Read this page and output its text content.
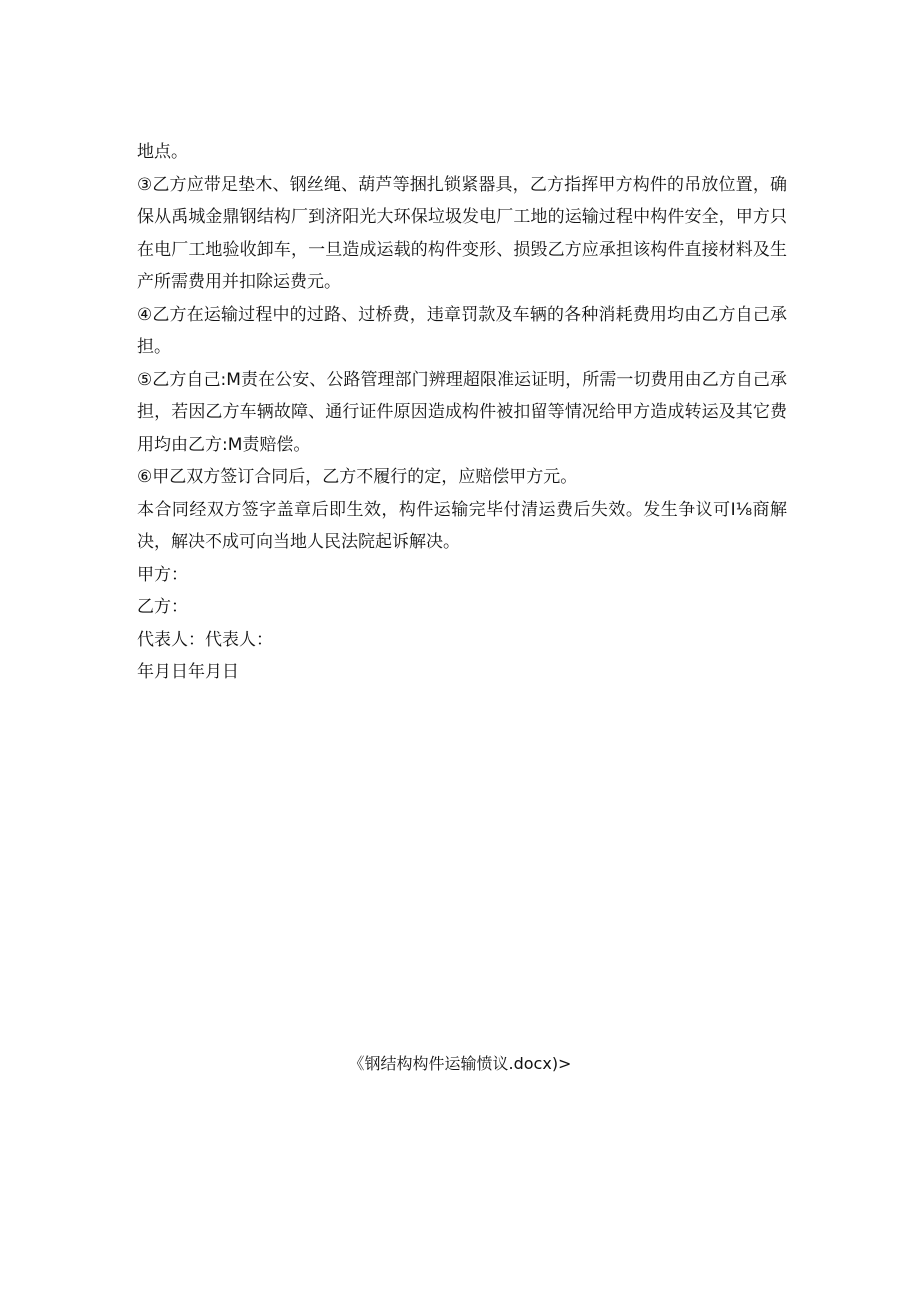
地点。

③乙方应带足垫木、钢丝绳、葫芦等捆扎锁紧器具，乙方指挥甲方构件的吊放位置，确保从禹城金鼎钢结构厂到济阳光大环保垃圾发电厂工地的运输过程中构件安全，甲方只在电厂工地验收卸车，一旦造成运载的构件变形、损毁乙方应承担该构件直接材料及生产所需费用并扣除运费元。

④乙方在运输过程中的过路、过桥费，违章罚款及车辆的各种消耗费用均由乙方自己承担。

⑤乙方自己:M责在公安、公路管理部门辨理超限准运证明，所需一切费用由乙方自己承担，若因乙方车辆故障、通行证件原因造成构件被扣留等情况给甲方造成转运及其它费用均由乙方:M责赔偿。

⑥甲乙双方签订合同后，乙方不履行的定，应赔偿甲方元。

本合同经双方签字盖章后即生效，构件运输完毕付清运费后失效。发生争议可I⅛商解决，解决不成可向当地人民法院起诉解决。

甲方：

乙方：

代表人：代表人：

年月日年月日

《钢结构构件运输愤议.docx)>
